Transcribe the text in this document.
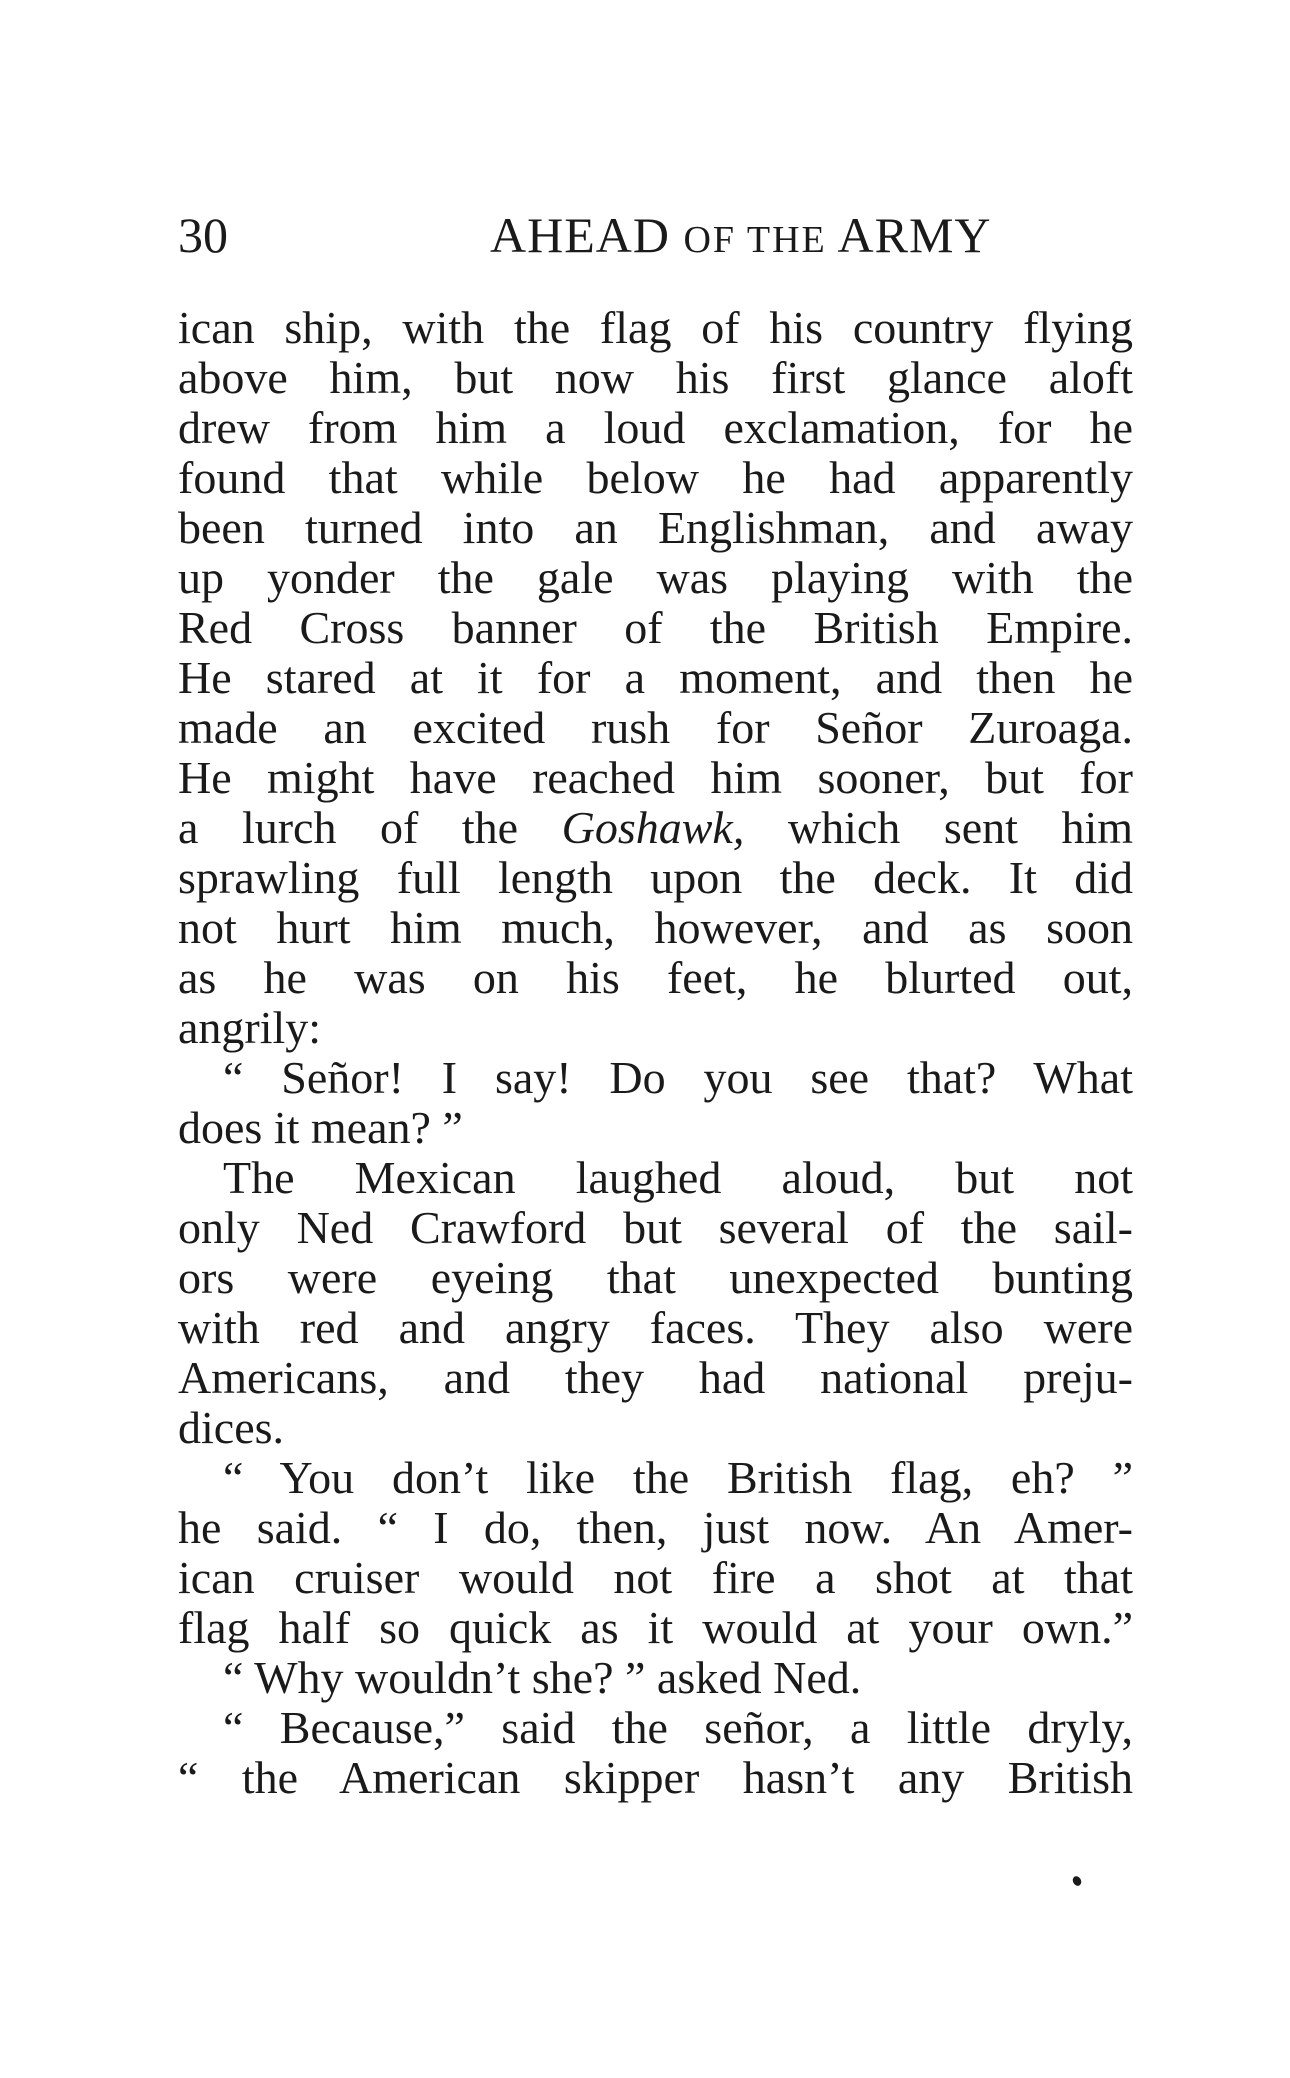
30	AHEAD OF THE ARMY
ican ship, with the flag of his country flying
above him, but now his first glance aloft
drew from him a loud exclamation, for he
found that while below he had apparently
been turned into an Englishman, and away
up yonder the gale was playing with the
Red Cross banner of the British Empire.
He stared at it for a moment, and then he
made an excited rush for Señor Zuroaga.
He might have reached him sooner, but for
a lurch of the Goshawk, which sent him
sprawling full length upon the deck. It did
not hurt him much, however, and as soon
as he was on his feet, he blurted out,
angrily:
“ Señor! I say! Do you see that? What
does it mean? ”
The Mexican laughed aloud, but not
only Ned Crawford but several of the sail-
ors were eyeing that unexpected bunting
with red and angry faces. They also were
Americans, and they had national preju-
dices.
“ You don’t like the British flag, eh? ”
he said. “ I do, then, just now. An Amer-
ican cruiser would not fire a shot at that
flag half so quick as it would at your own.”
“ Why wouldn’t she? ” asked Ned.
“ Because,” said the señor, a little dryly,
“ the American skipper hasn’t any British
